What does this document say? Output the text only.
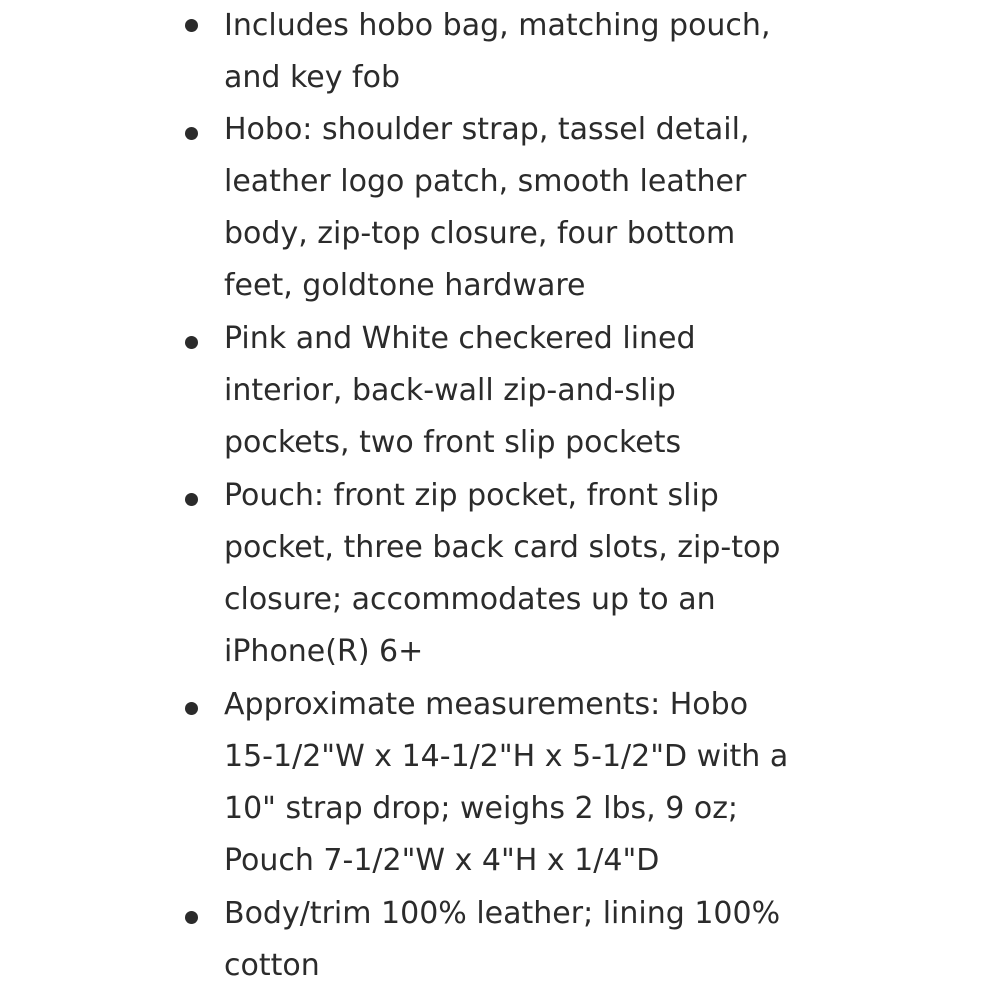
Includes hobo bag, matching pouch,
and key fob
Hobo: shoulder strap, tassel detail,
leather logo patch, smooth leather
body, zip-top closure, four bottom
feet, goldtone hardware
Pink and White checkered lined
interior, back-wall zip-and-slip
pockets, two front slip pockets
Pouch: front zip pocket, front slip
pocket, three back card slots, zip-top
closure; accommodates up to an
iPhone(R) 6+
Approximate measurements: Hobo
15-1/2"W x 14-1/2"H x 5-1/2"D with a
10" strap drop; weighs 2 lbs, 9 oz;
Pouch 7-1/2"W x 4"H x 1/4"D
Body/trim 100% leather; lining 100%
cotton
